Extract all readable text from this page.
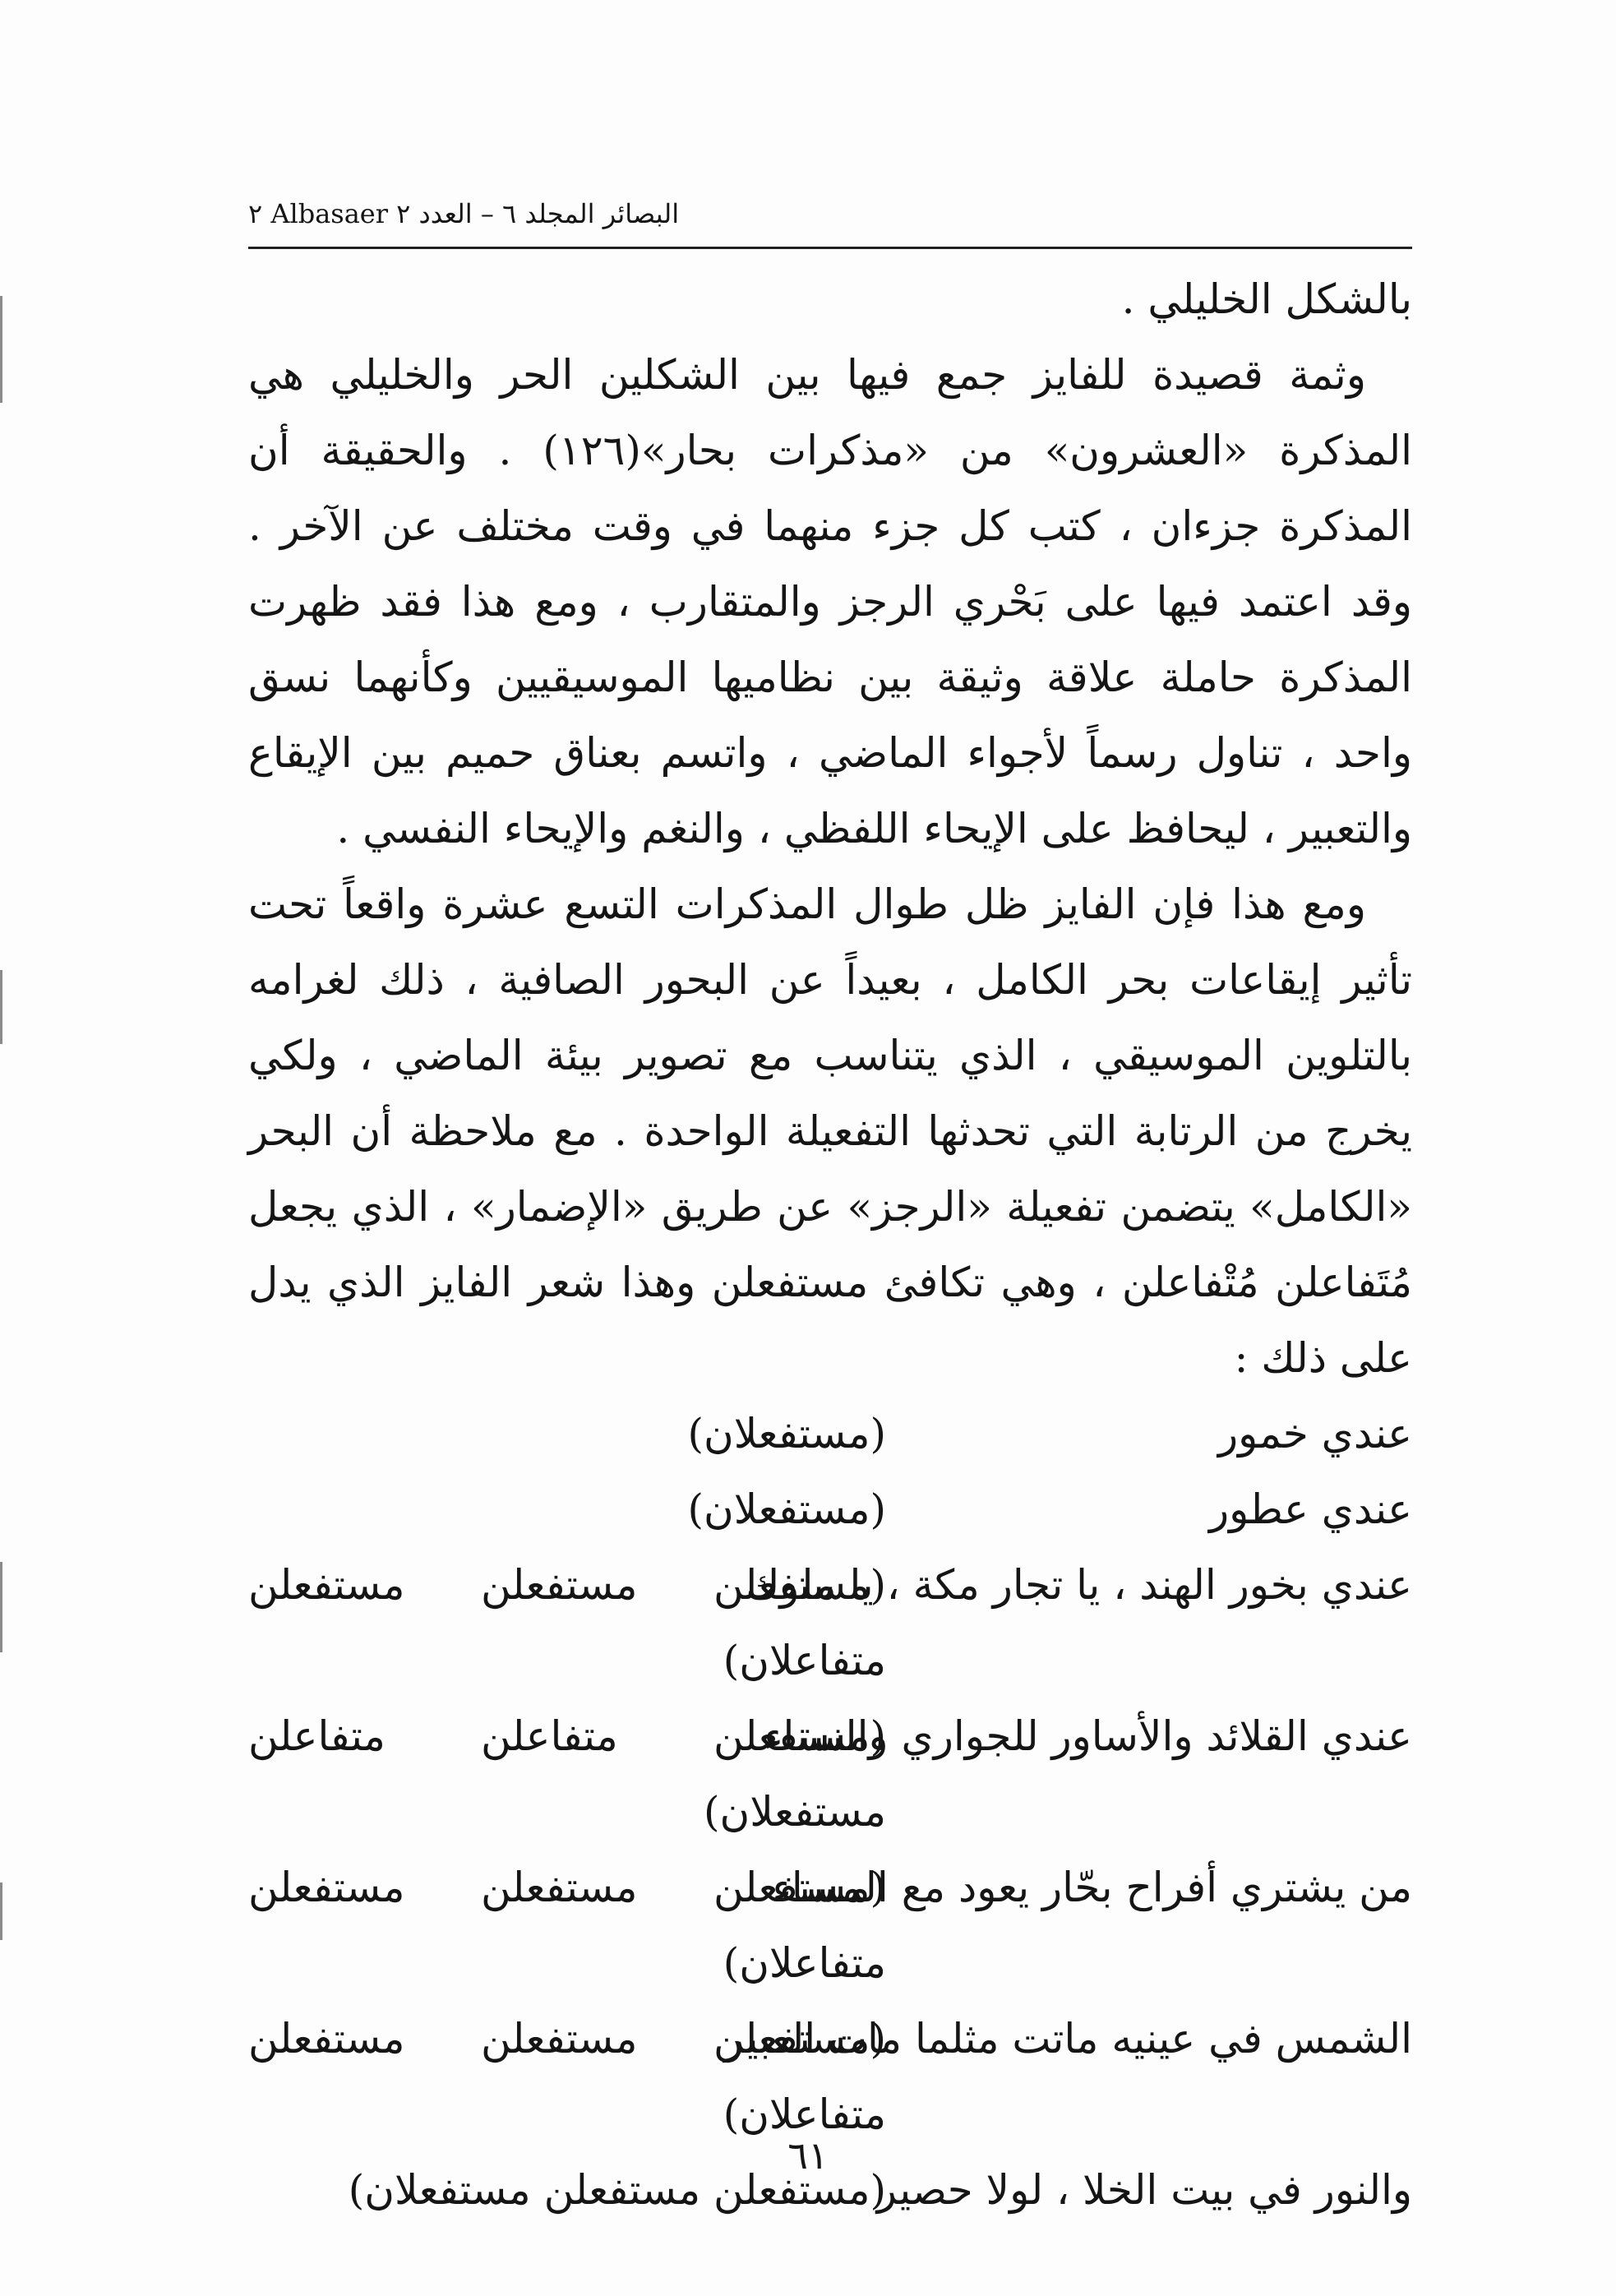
البصائر المجلد ٦ – العدد ٢ Albasaer ٢

بالشكل الخليلي .

وثمة قصيدة للفايز جمع فيها بين الشكلين الحر والخليلي هي المذكرة «العشرون» من «مذكرات بحار»(١٢٦) . والحقيقة أن المذكرة جزءان ، كتب كل جزء منهما في وقت مختلف عن الآخر . وقد اعتمد فيها على بَحْري الرجز والمتقارب ، ومع هذا فقد ظهرت المذكرة حاملة علاقة وثيقة بين نظاميها الموسيقيين وكأنهما نسق واحد ، تناول رسماً لأجواء الماضي ، واتسم بعناق حميم بين الإيقاع والتعبير ، ليحافظ على الإيحاء اللفظي ، والنغم والإيحاء النفسي .

ومع هذا فإن الفايز ظل طوال المذكرات التسع عشرة واقعاً تحت تأثير إيقاعات بحر الكامل ، بعيداً عن البحور الصافية ، ذلك لغرامه بالتلوين الموسيقي ، الذي يتناسب مع تصوير بيئة الماضي ، ولكي يخرج من الرتابة التي تحدثها التفعيلة الواحدة . مع ملاحظة أن البحر «الكامل» يتضمن تفعيلة «الرجز» عن طريق «الإضمار» ، الذي يجعل مُتَفاعلن مُتْفاعلن ، وهي تكافئ مستفعلن وهذا شعر الفايز الذي يدل على ذلك :

عندي خمور
(مستفعلان)
عندي عطور
(مستفعلان)
عندي بخور الهند ، يا تجار مكة ، يا ملوك
(مستفعلن مستفعلن مستفعلن متفاعلان)
عندي القلائد والأساور للجواري والنساء
(مستفعلن متفاعلن متفاعلن مستفعلان)
من يشتري أفراح بحّار يعود مع المساء
(مستفعلن مستفعلن مستفعلن متفاعلان)
الشمس في عينيه ماتت مثلما مات العبير
(مستفعلن مستفعلن مستفعلن متفاعلان)
والنور في بيت الخلا ، لولا حصير
(مستفعلن مستفعلن مستفعلان)
٦١
